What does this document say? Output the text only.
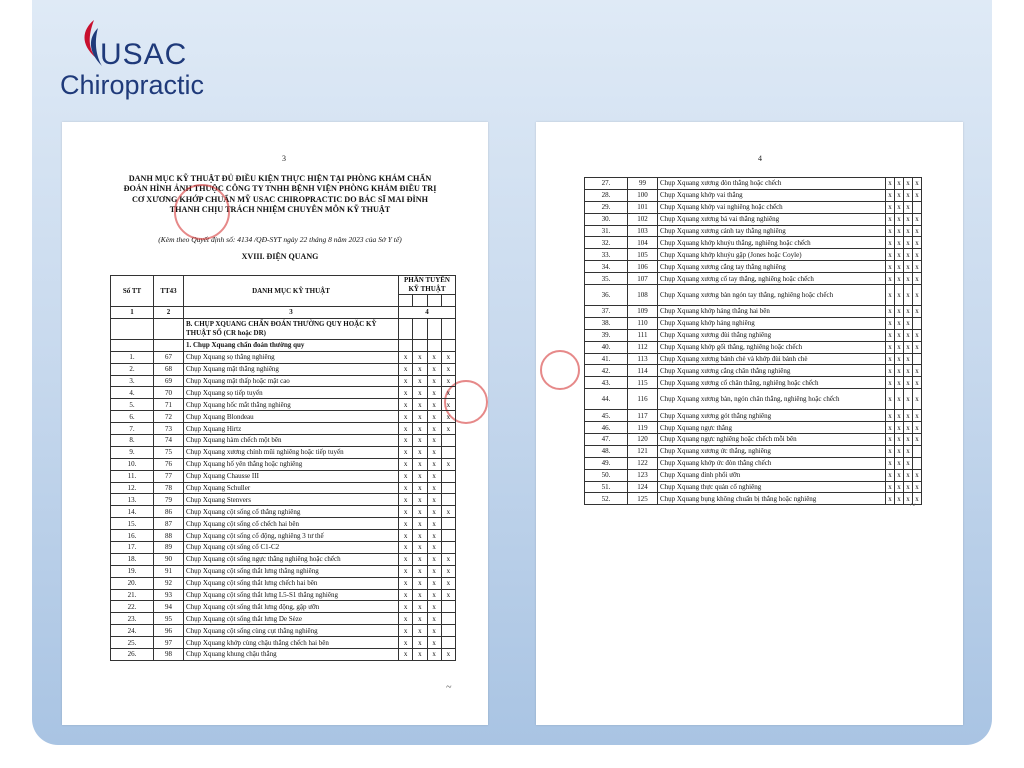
USAC
Chiropractic
3
DANH MỤC KỸ THUẬT ĐỦ ĐIỀU KIỆN THỰC HIỆN TẠI PHÒNG KHÁM CHẨN ĐOÁN HÌNH ẢNH THUỘC CÔNG TY TNHH BỆNH VIỆN PHÒNG KHÁM ĐIỀU TRỊ CƠ XƯƠNG KHỚP CHUẨN MỸ USAC CHIROPRACTIC DO BÁC SĨ MAI ĐÌNH THANH CHỊU TRÁCH NHIỆM CHUYÊN MÔN KỸ THUẬT
(Kèm theo Quyết định số: 4134 /QĐ-SYT ngày 22 tháng 8 năm 2023 của Sở Y tế)
XVIII. ĐIỆN QUANG
Số TT	TT43	DANH MỤC KỸ THUẬT	PHÂN TUYẾN KỸ THUẬT			

1	2	3	4			
		B. CHỤP XQUANG CHẨN ĐOÁN THƯỜNG QUY HOẶC KỸ THUẬT SỐ (CR hoặc DR)				
		1. Chụp Xquang chẩn đoán thường quy				
1.	67	Chụp Xquang sọ thẳng nghiêng	x	x	x	x
2.	68	Chụp Xquang mặt thẳng nghiêng	x	x	x	x
3.	69	Chụp Xquang mặt thấp hoặc mặt cao	x	x	x	x
4.	70	Chụp Xquang sọ tiếp tuyến	x	x	x	x
5.	71	Chụp Xquang hốc mắt thẳng nghiêng	x	x	x	x
6.	72	Chụp Xquang Blondeau	x	x	x	x
7.	73	Chụp Xquang Hirtz	x	x	x	x
8.	74	Chụp Xquang hàm chếch một bên	x	x	x	
9.	75	Chụp Xquang xương chính mũi nghiêng hoặc tiếp tuyến	x	x	x	
10.	76	Chụp Xquang hố yên thẳng hoặc nghiêng	x	x	x	x
11.	77	Chụp Xquang Chausse III	x	x	x	
12.	78	Chụp Xquang Schuller	x	x	x	
13.	79	Chụp Xquang Stenvers	x	x	x	
14.	86	Chụp Xquang cột sống cổ thẳng nghiêng	x	x	x	x
15.	87	Chụp Xquang cột sống cổ chếch hai bên	x	x	x	
16.	88	Chụp Xquang cột sống cổ động, nghiêng 3 tư thế	x	x	x	
17.	89	Chụp Xquang cột sống cổ C1-C2	x	x	x	
18.	90	Chụp Xquang cột sống ngực thẳng nghiêng hoặc chếch	x	x	x	x
19.	91	Chụp Xquang cột sống thắt lưng thẳng nghiêng	x	x	x	x
20.	92	Chụp Xquang cột sống thắt lưng chếch hai bên	x	x	x	x
21.	93	Chụp Xquang cột sống thắt lưng L5-S1 thẳng nghiêng	x	x	x	x
22.	94	Chụp Xquang cột sống thắt lưng động, gập ưỡn	x	x	x	
23.	95	Chụp Xquang cột sống thắt lưng De Sèze	x	x	x	
24.	96	Chụp Xquang cột sống cùng cụt thẳng nghiêng	x	x	x	
25.	97	Chụp Xquang khớp cùng chậu thẳng chếch hai bên	x	x	x	
26.	98	Chụp Xquang khung chậu thẳng	x	x	x	x
~
4
27.	99	Chụp Xquang xương đòn thẳng hoặc chếch	x	x	x	x
28.	100	Chụp Xquang khớp vai thẳng	x	x	x	x
29.	101	Chụp Xquang khớp vai nghiêng hoặc chếch	x	x	x	
30.	102	Chụp Xquang xương bả vai thẳng nghiêng	x	x	x	x
31.	103	Chụp Xquang xương cánh tay thẳng nghiêng	x	x	x	x
32.	104	Chụp Xquang khớp khuỷu thẳng, nghiêng hoặc chếch	x	x	x	x
33.	105	Chụp Xquang khớp khuỷu gập (Jones hoặc Coyle)	x	x	x	x
34.	106	Chụp Xquang xương cẳng tay thẳng nghiêng	x	x	x	x
35.	107	Chụp Xquang xương cổ tay thẳng, nghiêng hoặc chếch	x	x	x	x
36.	108	Chụp Xquang xương bàn ngón tay thẳng, nghiêng hoặc chếch	x	x	x	x
37.	109	Chụp Xquang khớp háng thẳng hai bên	x	x	x	x
38.	110	Chụp Xquang khớp háng nghiêng	x	x	x	
39.	111	Chụp Xquang xương đùi thẳng nghiêng	x	x	x	x
40.	112	Chụp Xquang khớp gối thẳng, nghiêng hoặc chếch	x	x	x	x
41.	113	Chụp Xquang xương bánh chè và khớp đùi bánh chè	x	x	x	
42.	114	Chụp Xquang xương cẳng chân thẳng nghiêng	x	x	x	x
43.	115	Chụp Xquang xương cổ chân thẳng, nghiêng hoặc chếch	x	x	x	x
44.	116	Chụp Xquang xương bàn, ngón chân thẳng, nghiêng hoặc chếch	x	x	x	x
45.	117	Chụp Xquang xương gót thẳng nghiêng	x	x	x	x
46.	119	Chụp Xquang ngực thẳng	x	x	x	x
47.	120	Chụp Xquang ngực nghiêng hoặc chếch mỗi bên	x	x	x	x
48.	121	Chụp Xquang xương ức thẳng, nghiêng	x	x	x	
49.	122	Chụp Xquang khớp ức đòn thẳng chếch	x	x	x	
50.	123	Chụp Xquang đỉnh phổi ưỡn	x	x	x	x
51.	124	Chụp Xquang thực quản cổ nghiêng	x	x	x	x
52.	125	Chụp Xquang bụng không chuẩn bị thẳng hoặc nghiêng	x	x	x	x
~
